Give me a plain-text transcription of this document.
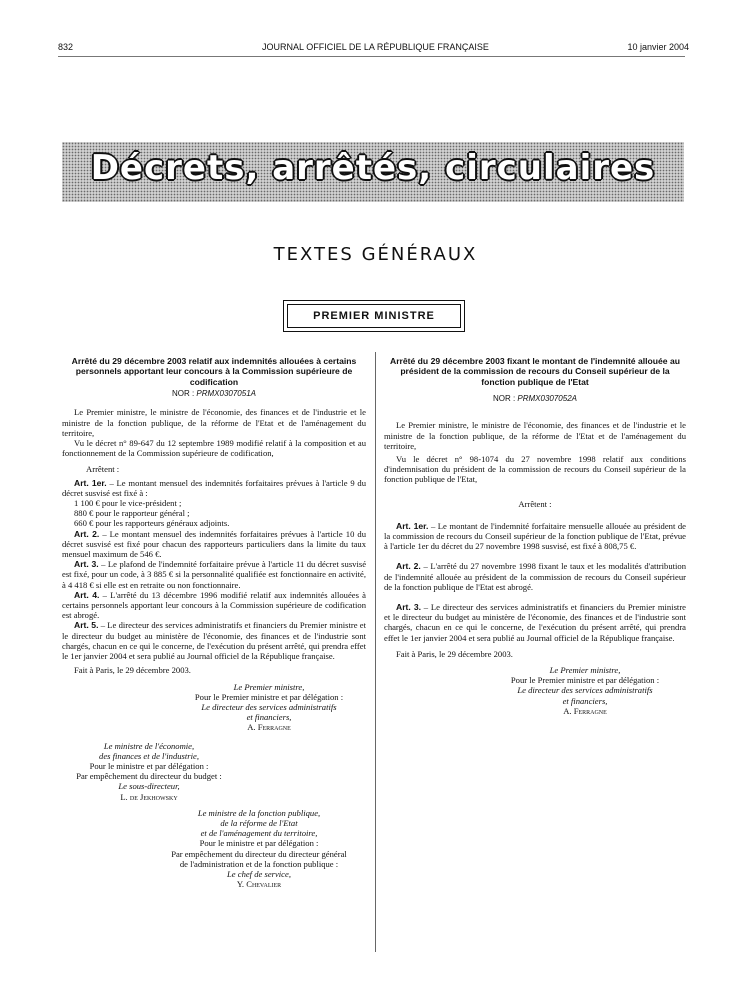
832	JOURNAL OFFICIEL DE LA RÉPUBLIQUE FRANÇAISE	10 janvier 2004
Décrets, arrêtés, circulaires
TEXTES GÉNÉRAUX
PREMIER MINISTRE

Arrêté du 29 décembre 2003 relatif aux indemnités allouées à certains personnels apportant leur concours à la Commission supérieure de codification

NOR : PRMX0307051A

Le Premier ministre, le ministre de l'économie, des finances et de l'industrie et le ministre de la fonction publique, de la réforme de l'Etat et de l'aménagement du territoire,

Vu le décret n° 89-647 du 12 septembre 1989 modifié relatif à la composition et au fonctionnement de la Commission supérieure de codification,

Arrêtent :

Art. 1er. – Le montant mensuel des indemnités forfaitaires prévues à l'article 9 du décret susvisé est fixé à :

1 100 € pour le vice-président ;

880 € pour le rapporteur général ;

660 € pour les rapporteurs généraux adjoints.

Art. 2. – Le montant mensuel des indemnités forfaitaires prévues à l'article 10 du décret susvisé est fixé pour chacun des rapporteurs particuliers dans la limite du taux mensuel maximum de 546 €.

Art. 3. – Le plafond de l'indemnité forfaitaire prévue à l'article 11 du décret susvisé est fixé, pour un code, à 3 885 € si la personnalité qualifiée est fonctionnaire en activité, à 4 418 € si elle est en retraite ou non fonctionnaire.

Art. 4. – L'arrêté du 13 décembre 1996 modifié relatif aux indemnités allouées à certains personnels apportant leur concours à la Commission supérieure de codification est abrogé.

Art. 5. – Le directeur des services administratifs et financiers du Premier ministre et le directeur du budget au ministère de l'économie, des finances et de l'industrie sont chargés, chacun en ce qui le concerne, de l'exécution du présent arrêté, qui prendra effet le 1er janvier 2004 et sera publié au Journal officiel de la République française.

Fait à Paris, le 29 décembre 2003.

Le Premier ministre,

Pour le Premier ministre et par délégation :

Le directeur des services administratifs

et financiers,

A. Ferragne

Le ministre de l'économie,

des finances et de l'industrie,

Pour le ministre et par délégation :

Par empêchement du directeur du budget :

Le sous-directeur,

L. de Jekhowsky

Le ministre de la fonction publique,

de la réforme de l'Etat

et de l'aménagement du territoire,

Pour le ministre et par délégation :

Par empêchement du directeur du directeur général

de l'administration et de la fonction publique :

Le chef de service,

Y. Chevalier

Arrêté du 29 décembre 2003 fixant le montant de l'indemnité allouée au président de la commission de recours du Conseil supérieur de la fonction publique de l'Etat

NOR : PRMX0307052A

Le Premier ministre, le ministre de l'économie, des finances et de l'industrie et le ministre de la fonction publique, de la réforme de l'Etat et de l'aménagement du territoire,

Vu le décret n° 98-1074 du 27 novembre 1998 relatif aux conditions d'indemnisation du président de la commission de recours du Conseil supérieur de la fonction publique de l'Etat,

Arrêtent :

Art. 1er. – Le montant de l'indemnité forfaitaire mensuelle allouée au président de la commission de recours du Conseil supérieur de la fonction publique de l'Etat, prévue à l'article 1er du décret du 27 novembre 1998 susvisé, est fixé à 808,75 €.

Art. 2. – L'arrêté du 27 novembre 1998 fixant le taux et les modalités d'attribution de l'indemnité allouée au président de la commission de recours du Conseil supérieur de la fonction publique de l'Etat est abrogé.

Art. 3. – Le directeur des services administratifs et financiers du Premier ministre et le directeur du budget au ministère de l'économie, des finances et de l'industrie sont chargés, chacun en ce qui le concerne, de l'exécution du présent arrêté, qui prendra effet le 1er janvier 2004 et sera publié au Journal officiel de la République française.

Fait à Paris, le 29 décembre 2003.

Le Premier ministre,

Pour le Premier ministre et par délégation :

Le directeur des services administratifs

et financiers,

A. Ferragne
